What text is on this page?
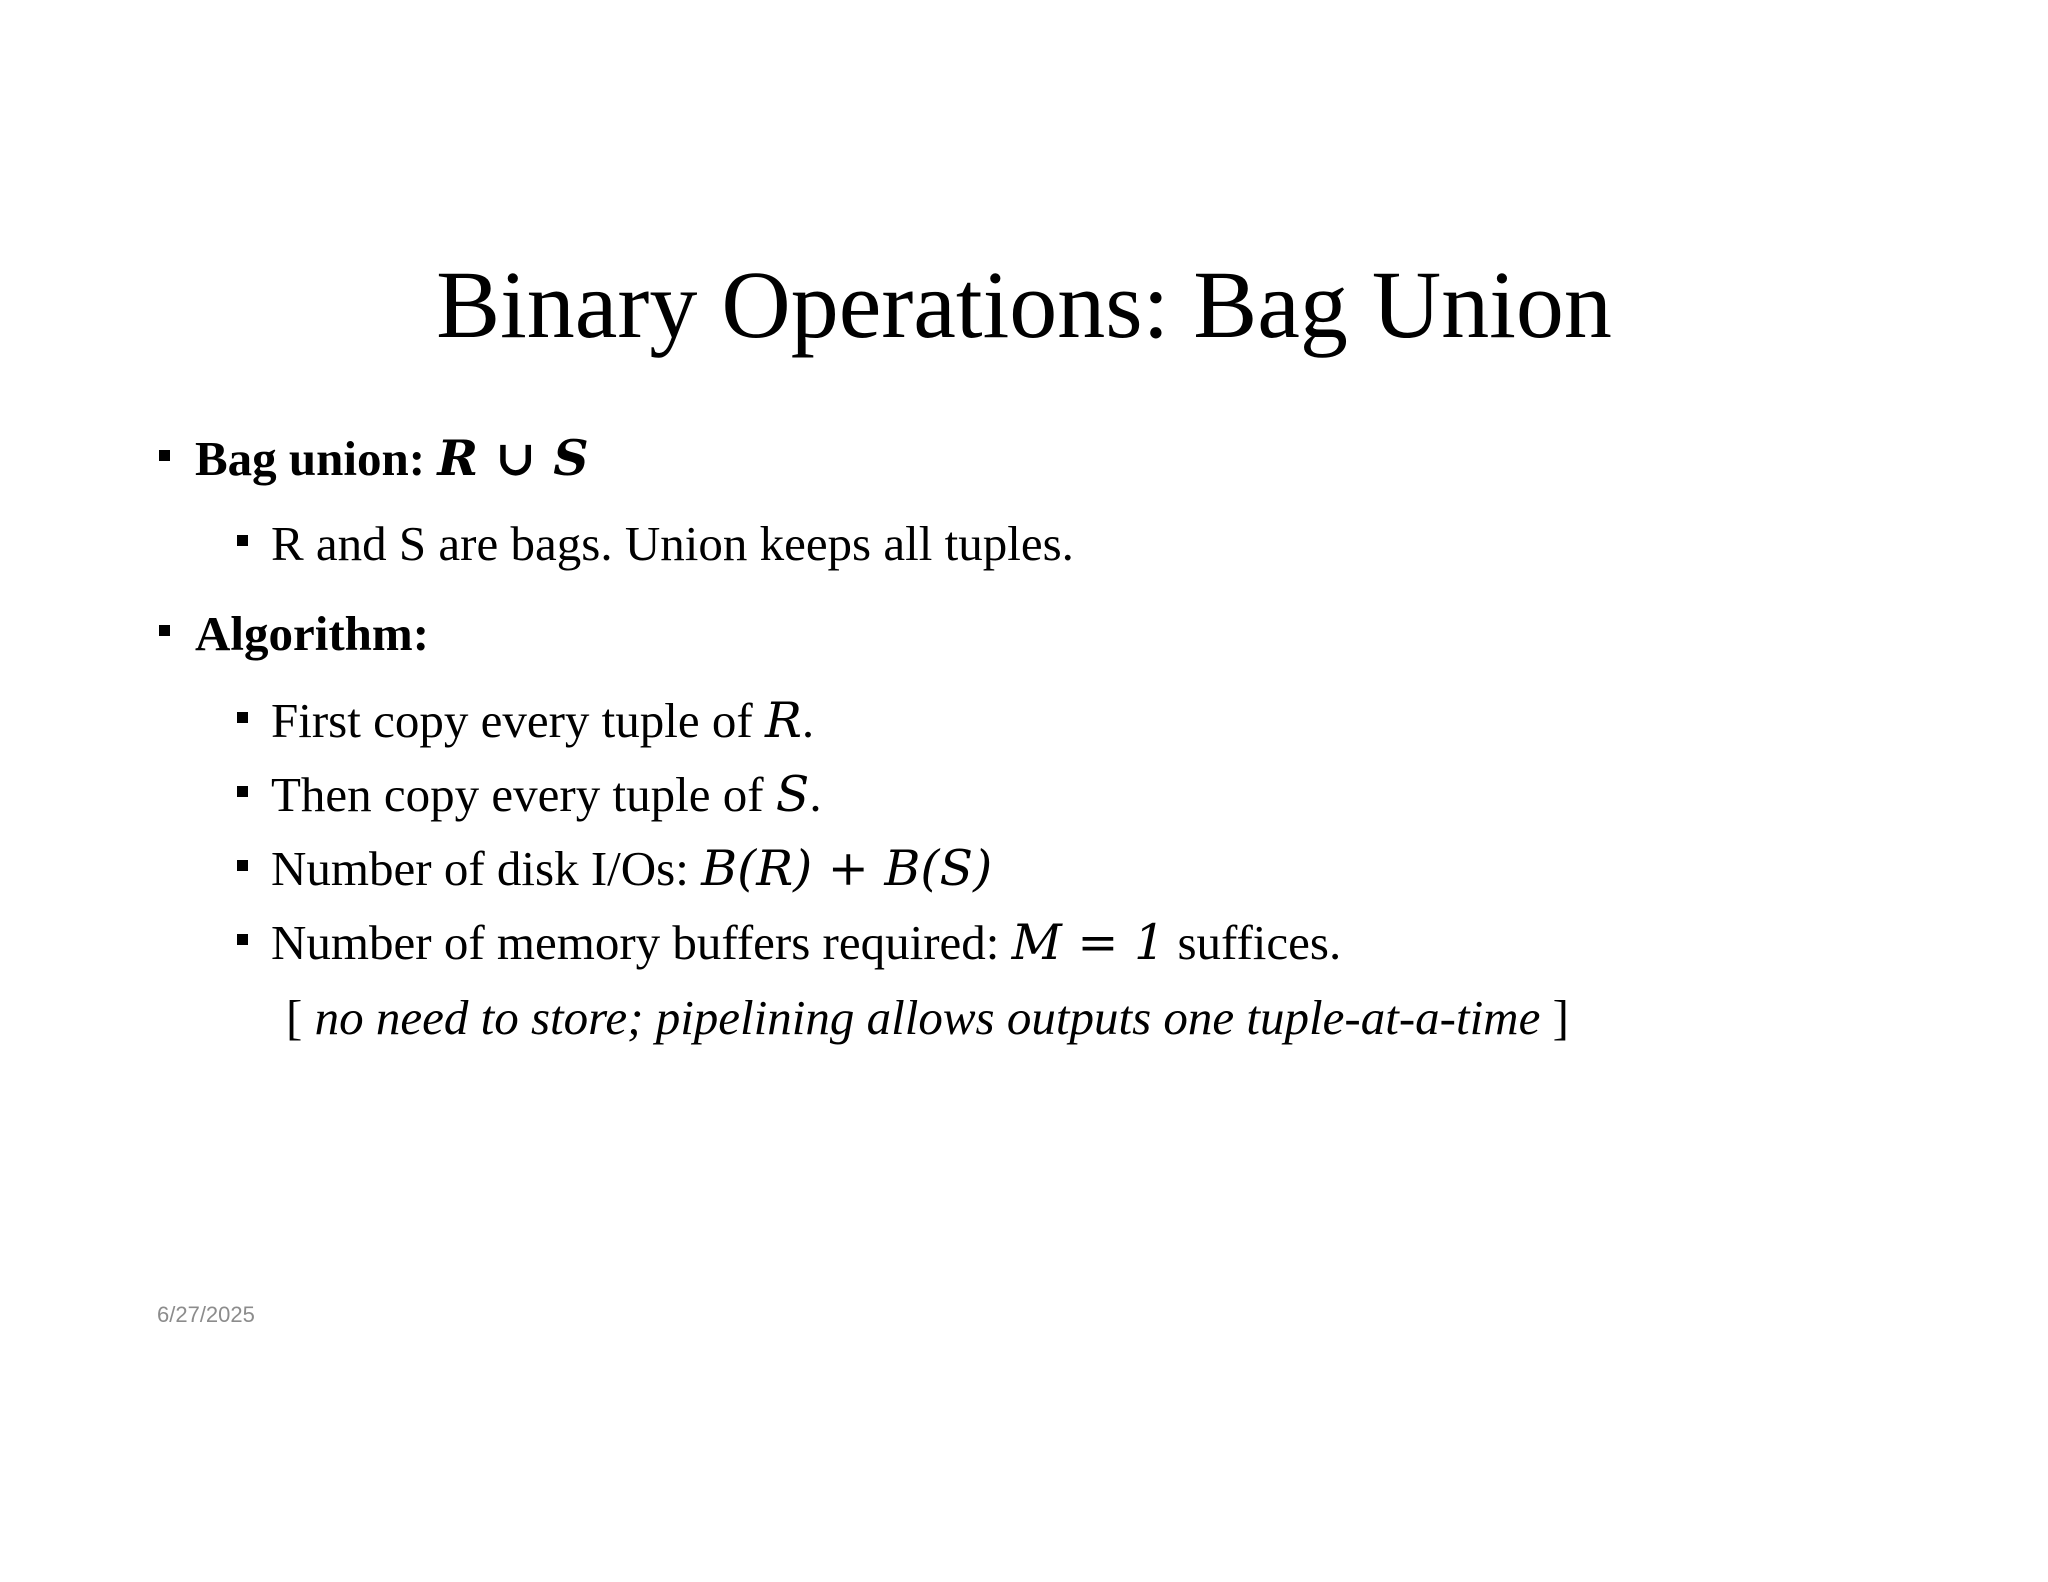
Binary Operations: Bag Union
Bag union: R ∪ S
R and S are bags. Union keeps all tuples.
Algorithm:
First copy every tuple of R.
Then copy every tuple of S.
Number of disk I/Os: B(R) + B(S)
Number of memory buffers required: M = 1 suffices.
[ no need to store; pipelining allows outputs one tuple-at-a-time ]
6/27/2025
